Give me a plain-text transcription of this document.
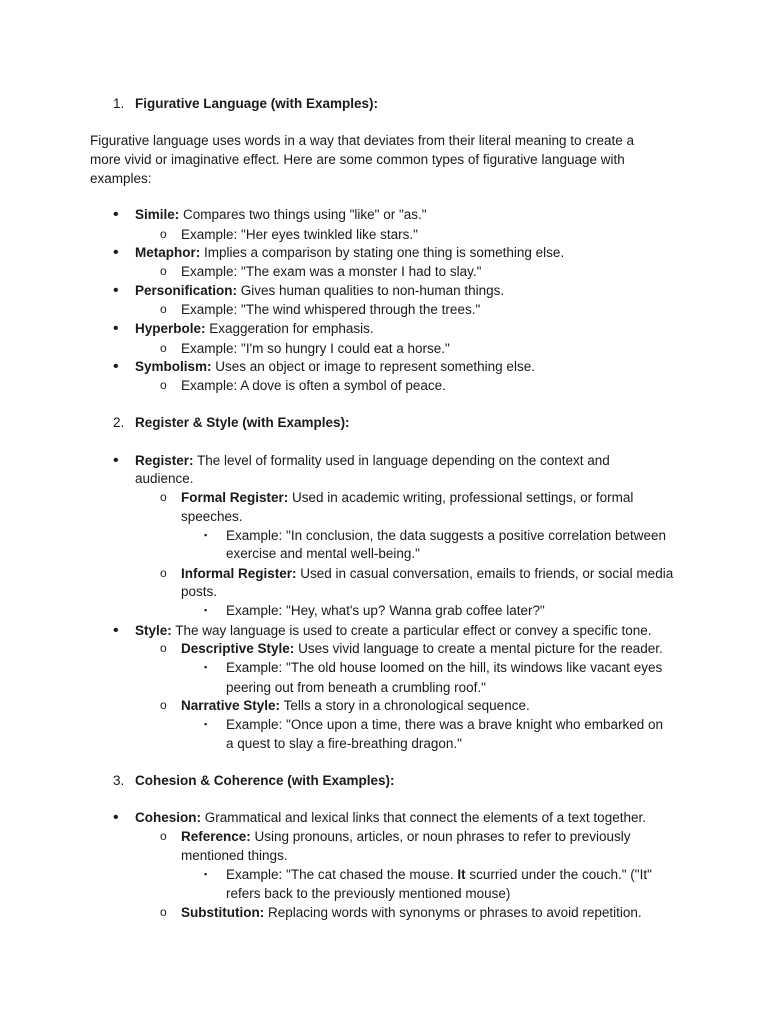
1. Figurative Language (with Examples):
Figurative language uses words in a way that deviates from their literal meaning to create a
more vivid or imaginative effect. Here are some common types of figurative language with
examples:
• Simile: Compares two things using "like" or "as."
o Example: "Her eyes twinkled like stars."
• Metaphor: Implies a comparison by stating one thing is something else.
o Example: "The exam was a monster I had to slay."
• Personification: Gives human qualities to non-human things.
o Example: "The wind whispered through the trees."
• Hyperbole: Exaggeration for emphasis.
o Example: "I'm so hungry I could eat a horse."
• Symbolism: Uses an object or image to represent something else.
o Example: A dove is often a symbol of peace.
2. Register & Style (with Examples):
• Register: The level of formality used in language depending on the context and
audience.
o Formal Register: Used in academic writing, professional settings, or formal
speeches.
▪ Example: "In conclusion, the data suggests a positive correlation between
exercise and mental well-being."
o Informal Register: Used in casual conversation, emails to friends, or social media
posts.
▪ Example: "Hey, what's up? Wanna grab coffee later?"
• Style: The way language is used to create a particular effect or convey a specific tone.
o Descriptive Style: Uses vivid language to create a mental picture for the reader.
▪ Example: "The old house loomed on the hill, its windows like vacant eyes
peering out from beneath a crumbling roof."
o Narrative Style: Tells a story in a chronological sequence.
▪ Example: "Once upon a time, there was a brave knight who embarked on
a quest to slay a fire-breathing dragon."
3. Cohesion & Coherence (with Examples):
• Cohesion: Grammatical and lexical links that connect the elements of a text together.
o Reference: Using pronouns, articles, or noun phrases to refer to previously
mentioned things.
▪ Example: "The cat chased the mouse. It scurried under the couch." ("It"
refers back to the previously mentioned mouse)
o Substitution: Replacing words with synonyms or phrases to avoid repetition.
